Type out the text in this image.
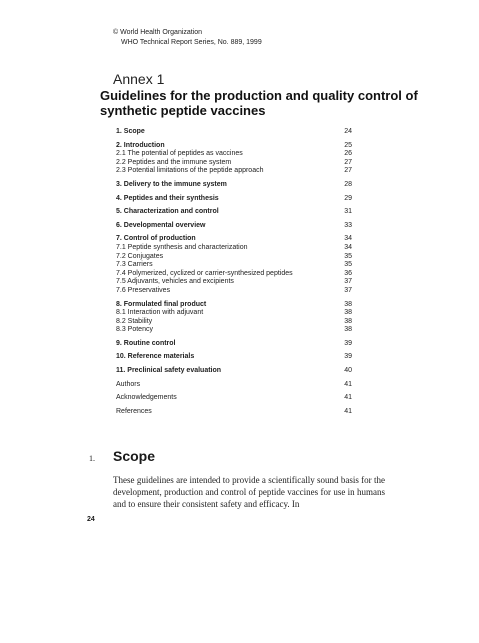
© World Health Organization
WHO Technical Report Series, No. 889, 1999
Annex 1
Guidelines for the production and quality control of synthetic peptide vaccines
1. Scope	24
2. Introduction	25
2.1 The potential of peptides as vaccines	26
2.2 Peptides and the immune system	27
2.3 Potential limitations of the peptide approach	27
3. Delivery to the immune system	28
4. Peptides and their synthesis	29
5. Characterization and control	31
6. Developmental overview	33
7. Control of production	34
7.1 Peptide synthesis and characterization	34
7.2 Conjugates	35
7.3 Carriers	35
7.4 Polymerized, cyclized or carrier-synthesized peptides	36
7.5 Adjuvants, vehicles and excipients	37
7.6 Preservatives	37
8. Formulated final product	38
8.1 Interaction with adjuvant	38
8.2 Stability	38
8.3 Potency	38
9. Routine control	39
10. Reference materials	39
11. Preclinical safety evaluation	40
Authors	41
Acknowledgements	41
References	41
1.	Scope
These guidelines are intended to provide a scientifically sound basis for the development, production and control of peptide vaccines for use in humans and to ensure their consistent safety and efficacy. In
24
